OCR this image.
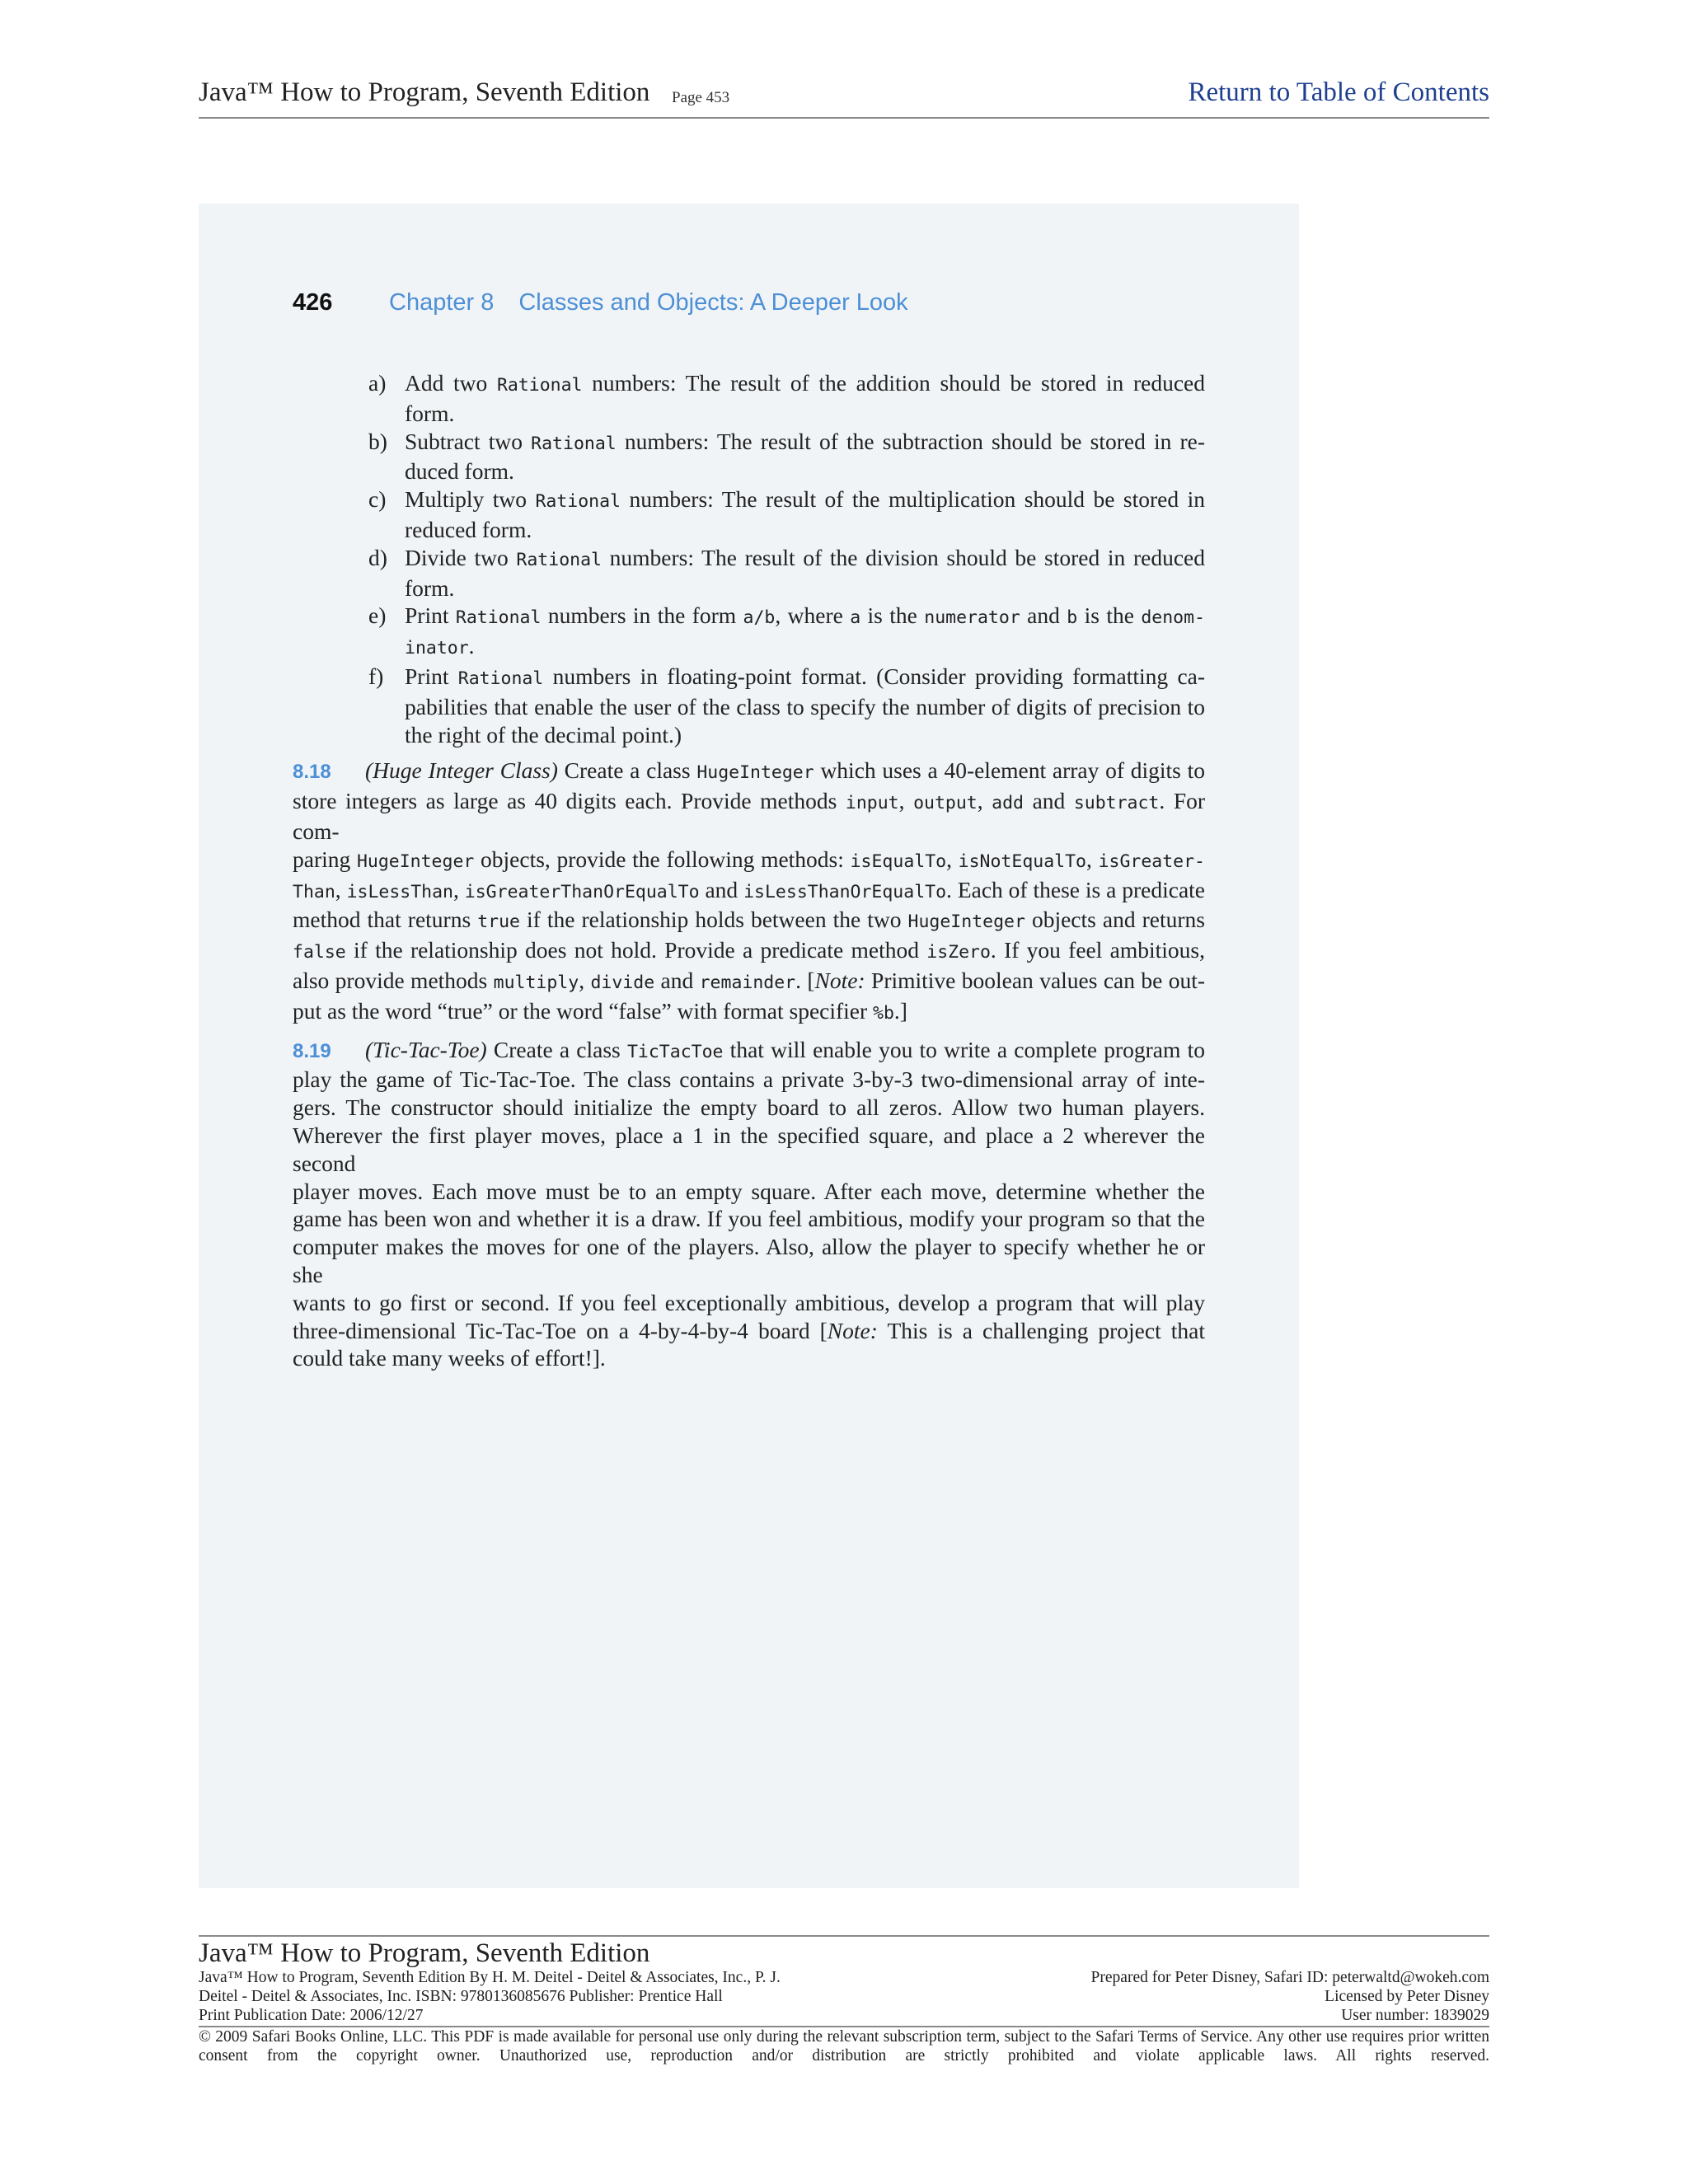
Java™ How to Program, Seventh Edition Page 453	Return to Table of Contents
426 Chapter 8 Classes and Objects: A Deeper Look
a) Add two Rational numbers: The result of the addition should be stored in reduced
form.
b) Subtract two Rational numbers: The result of the subtraction should be stored in re-
duced form.
c) Multiply two Rational numbers: The result of the multiplication should be stored in
reduced form.
d) Divide two Rational numbers: The result of the division should be stored in reduced
form.
e) Print Rational numbers in the form a/b, where a is the numerator and b is the denom-
inator.
f) Print Rational numbers in floating-point format. (Consider providing formatting ca-
pabilities that enable the user of the class to specify the number of digits of precision to
the right of the decimal point.)
8.18 (Huge Integer Class) Create a class HugeInteger which uses a 40-element array of digits to
store integers as large as 40 digits each. Provide methods input, output, add and subtract. For com-
paring HugeInteger objects, provide the following methods: isEqualTo, isNotEqualTo, isGreater-
Than, isLessThan, isGreaterThanOrEqualTo and isLessThanOrEqualTo. Each of these is a predicate
method that returns true if the relationship holds between the two HugeInteger objects and returns
false if the relationship does not hold. Provide a predicate method isZero. If you feel ambitious,
also provide methods multiply, divide and remainder. [Note: Primitive boolean values can be out-
put as the word “true” or the word “false” with format specifier %b.]
8.19 (Tic-Tac-Toe) Create a class TicTacToe that will enable you to write a complete program to
play the game of Tic-Tac-Toe. The class contains a private 3-by-3 two-dimensional array of inte-
gers. The constructor should initialize the empty board to all zeros. Allow two human players.
Wherever the first player moves, place a 1 in the specified square, and place a 2 wherever the second
player moves. Each move must be to an empty square. After each move, determine whether the
game has been won and whether it is a draw. If you feel ambitious, modify your program so that the
computer makes the moves for one of the players. Also, allow the player to specify whether he or she
wants to go first or second. If you feel exceptionally ambitious, develop a program that will play
three-dimensional Tic-Tac-Toe on a 4-by-4-by-4 board [Note: This is a challenging project that
could take many weeks of effort!].
Java™ How to Program, Seventh Edition
Java™ How to Program, Seventh Edition By H. M. Deitel - Deitel & Associates, Inc., P. J.	Prepared for Peter Disney, Safari ID: peterwaltd@wokeh.com
Deitel - Deitel & Associates, Inc. ISBN: 9780136085676 Publisher: Prentice Hall	Licensed by Peter Disney
Print Publication Date: 2006/12/27	User number: 1839029
© 2009 Safari Books Online, LLC. This PDF is made available for personal use only during the relevant subscription term, subject to the Safari Terms of Service. Any other use requires prior written consent from the copyright owner. Unauthorized use, reproduction and/or distribution are strictly prohibited and violate applicable laws. All rights reserved.
